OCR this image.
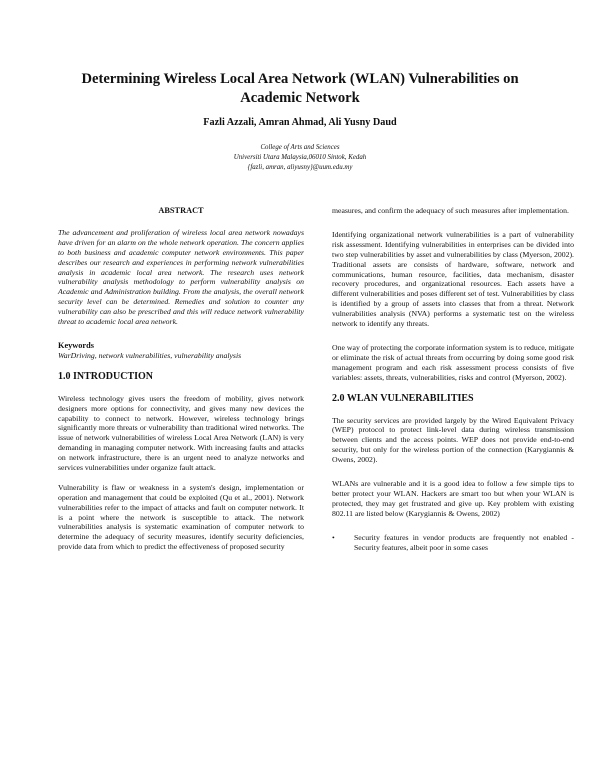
Determining Wireless Local Area Network (WLAN) Vulnerabilities on
Academic Network
Fazli Azzali, Amran Ahmad, Ali Yusny Daud
College of Arts and Sciences
Universiti Utara Malaysia,06010 Sintok, Kedah
{fazli, amran, aliyusny}@uum.edu.my
ABSTRACT

The advancement and proliferation of wireless local area network nowadays have driven for an alarm on the whole network operation. The concern applies to both business and academic computer network environments. This paper describes our research and experiences in performing network vulnerabilities analysis in academic local area network. The research uses network vulnerability analysis methodology to perform vulnerability analysis on Academic and Administration building. From the analysis, the overall network security level can be determined. Remedies and solution to counter any vulnerability can also be prescribed and this will reduce network vulnerability threat to academic local area network.

Keywords

WarDriving, network vulnerabilities, vulnerability analysis

1.0 INTRODUCTION

Wireless technology gives users the freedom of mobility, gives network designers more options for connectivity, and gives many new devices the capability to connect to network. However, wireless technology brings significantly more threats or vulnerability than traditional wired networks. The issue of network vulnerabilities of wireless Local Area Network (LAN) is very demanding in managing computer network. With increasing faults and attacks on network infrastructure, there is an urgent need to analyze networks and services vulnerabilities under organize fault attack.

Vulnerability is flaw or weakness in a system's design, implementation or operation and management that could be exploited (Qu et al., 2001). Network vulnerabilities refer to the impact of attacks and fault on computer network. It is a point where the network is susceptible to attack. The network vulnerabilities analysis is systematic examination of computer network to determine the adequacy of security measures, identify security deficiencies, provide data from which to predict the effectiveness of proposed security

measures, and confirm the adequacy of such measures after implementation.

Identifying organizational network vulnerabilities is a part of vulnerability risk assessment. Identifying vulnerabilities in enterprises can be divided into two step vulnerabilities by asset and vulnerabilities by class (Myerson, 2002). Traditional assets are consists of hardware, software, network and communications, human resource, facilities, data mechanism, disaster recovery procedures, and organizational resources. Each assets have a different vulnerabilities and poses different set of test. Vulnerabilities by class is identified by a group of assets into classes that from a threat. Network vulnerabilities analysis (NVA) performs a systematic test on the wireless network to identify any threats.

One way of protecting the corporate information system is to reduce, mitigate or eliminate the risk of actual threats from occurring by doing some good risk management program and each risk assessment process consists of five variables: assets, threats, vulnerabilities, risks and control (Myerson, 2002).

2.0 WLAN VULNERABILITIES

The security services are provided largely by the Wired Equivalent Privacy (WEP) protocol to protect link-level data during wireless transmission between clients and the access points. WEP does not provide end-to-end security, but only for the wireless portion of the connection (Karygiannis & Owens, 2002).

WLANs are vulnerable and it is a good idea to follow a few simple tips to better protect your WLAN. Hackers are smart too but when your WLAN is protected, they may get frustrated and give up. Key problem with existing 802.11 are listed below (Karygiannis & Owens, 2002)

• Security features in vendor products are frequently not enabled - Security features, albeit poor in some cases
